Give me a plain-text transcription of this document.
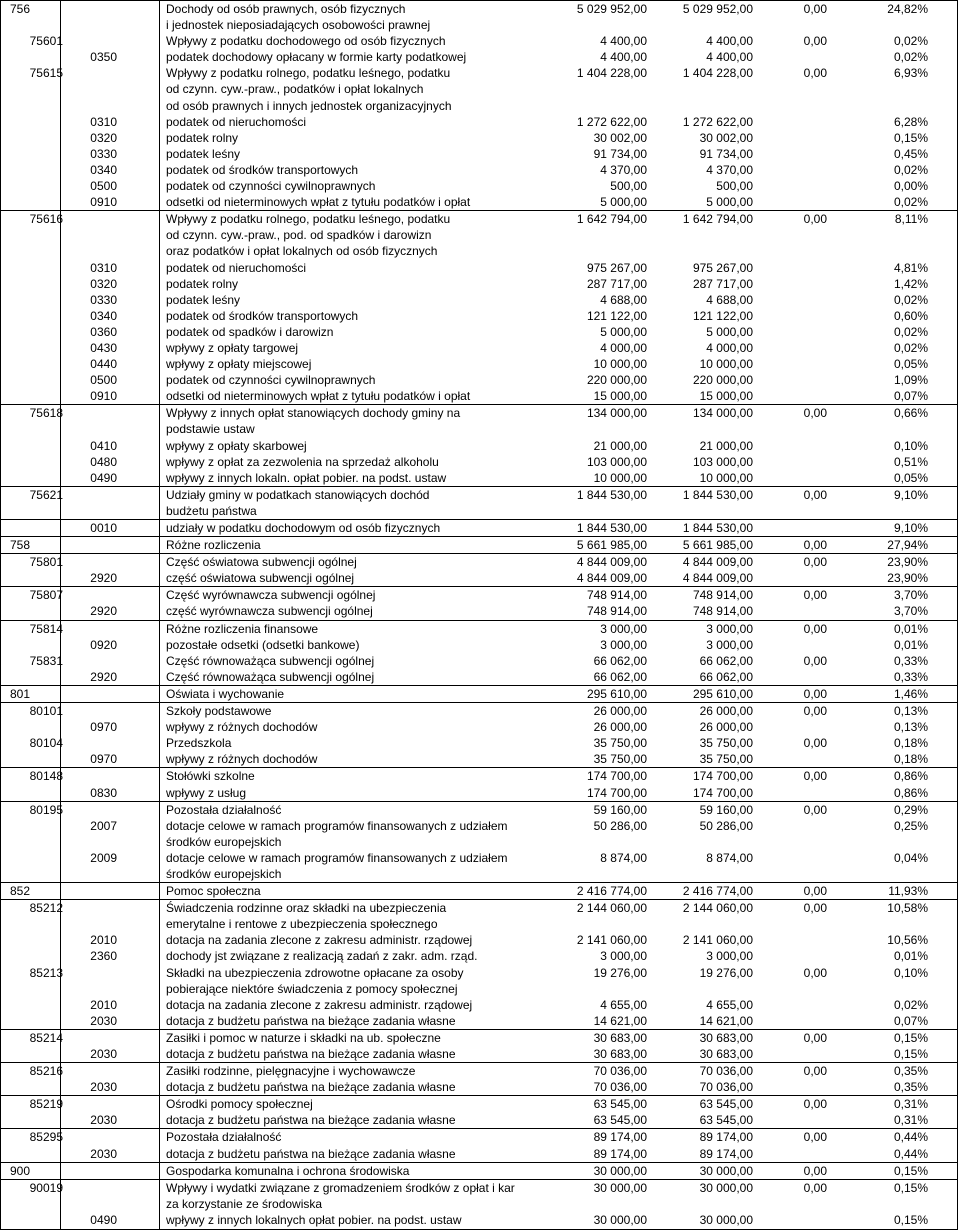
756	Dochody od osób prawnych, osób fizycznych	5 029 952,00	5 029 952,00	0,00	24,82%
i jednostek nieposiadających osobowości prawnej
75601	Wpływy z podatku dochodowego od osób fizycznych	4 400,00	4 400,00	0,00	0,02%
0350	podatek dochodowy opłacany w formie karty podatkowej	4 400,00	4 400,00	0,02%
75615	Wpływy z podatku rolnego, podatku leśnego, podatku	1 404 228,00	1 404 228,00	0,00	6,93%
od czynn. cyw.-praw., podatków i opłat lokalnych
od osób prawnych i innych jednostek organizacyjnych
0310	podatek od nieruchomości	1 272 622,00	1 272 622,00	6,28%
0320	podatek rolny	30 002,00	30 002,00	0,15%
0330	podatek leśny	91 734,00	91 734,00	0,45%
0340	podatek od środków transportowych	4 370,00	4 370,00	0,02%
0500	podatek od czynności cywilnoprawnych	500,00	500,00	0,00%
0910	odsetki od nieterminowych wpłat z tytułu podatków i opłat	5 000,00	5 000,00	0,02%
75616	Wpływy z podatku rolnego, podatku leśnego, podatku	1 642 794,00	1 642 794,00	0,00	8,11%
od czynn. cyw.-praw., pod. od spadków i darowizn
oraz podatków i opłat lokalnych od osób fizycznych
0310	podatek od nieruchomości	975 267,00	975 267,00	4,81%
0320	podatek rolny	287 717,00	287 717,00	1,42%
0330	podatek leśny	4 688,00	4 688,00	0,02%
0340	podatek od środków transportowych	121 122,00	121 122,00	0,60%
0360	podatek od spadków i darowizn	5 000,00	5 000,00	0,02%
0430	wpływy z opłaty targowej	4 000,00	4 000,00	0,02%
0440	wpływy z opłaty miejscowej	10 000,00	10 000,00	0,05%
0500	podatek od czynności cywilnoprawnych	220 000,00	220 000,00	1,09%
0910	odsetki od nieterminowych wpłat z tytułu podatków i opłat	15 000,00	15 000,00	0,07%
75618	Wpływy z innych opłat stanowiących dochody gminy na	134 000,00	134 000,00	0,00	0,66%
podstawie ustaw
0410	wpływy z opłaty skarbowej	21 000,00	21 000,00	0,10%
0480	wpływy z opłat za zezwolenia na sprzedaż alkoholu	103 000,00	103 000,00	0,51%
0490	wpływy z innych lokaln. opłat pobier. na podst. ustaw	10 000,00	10 000,00	0,05%
75621	Udziały gminy w podatkach stanowiących dochód	1 844 530,00	1 844 530,00	0,00	9,10%
budżetu państwa
0010	udziały w podatku dochodowym od osób fizycznych	1 844 530,00	1 844 530,00	9,10%
758	Różne rozliczenia	5 661 985,00	5 661 985,00	0,00	27,94%
75801	Część oświatowa subwencji ogólnej	4 844 009,00	4 844 009,00	0,00	23,90%
2920	część oświatowa subwencji ogólnej	4 844 009,00	4 844 009,00	23,90%
75807	Część wyrównawcza subwencji ogólnej	748 914,00	748 914,00	0,00	3,70%
2920	część wyrównawcza subwencji ogólnej	748 914,00	748 914,00	3,70%
75814	Różne rozliczenia finansowe	3 000,00	3 000,00	0,00	0,01%
0920	pozostałe odsetki (odsetki bankowe)	3 000,00	3 000,00	0,01%
75831	Część równoważąca subwencji ogólnej	66 062,00	66 062,00	0,00	0,33%
2920	Część równoważąca subwencji ogólnej	66 062,00	66 062,00	0,33%
801	Oświata i wychowanie	295 610,00	295 610,00	0,00	1,46%
80101	Szkoły podstawowe	26 000,00	26 000,00	0,00	0,13%
0970	wpływy z różnych dochodów	26 000,00	26 000,00	0,13%
80104	Przedszkola	35 750,00	35 750,00	0,00	0,18%
0970	wpływy z różnych dochodów	35 750,00	35 750,00	0,18%
80148	Stołówki szkolne	174 700,00	174 700,00	0,00	0,86%
0830	wpływy z usług	174 700,00	174 700,00	0,86%
80195	Pozostała działalność	59 160,00	59 160,00	0,00	0,29%
2007	dotacje celowe w ramach programów finansowanych z udziałem	50 286,00	50 286,00	0,25%
środków europejskich
2009	dotacje celowe w ramach programów finansowanych z udziałem	8 874,00	8 874,00	0,04%
środków europejskich
852	Pomoc społeczna	2 416 774,00	2 416 774,00	0,00	11,93%
85212	Świadczenia rodzinne oraz składki na ubezpieczenia	2 144 060,00	2 144 060,00	0,00	10,58%
emerytalne i rentowe z ubezpieczenia społecznego
2010	dotacja na zadania zlecone z zakresu administr. rządowej	2 141 060,00	2 141 060,00	10,56%
2360	dochody jst związane z realizacją zadań z zakr. adm. rząd.	3 000,00	3 000,00	0,01%
85213	Składki na ubezpieczenia zdrowotne opłacane za osoby	19 276,00	19 276,00	0,00	0,10%
pobierające niektóre świadczenia z pomocy społecznej
2010	dotacja na zadania zlecone z zakresu administr. rządowej	4 655,00	4 655,00	0,02%
2030	dotacja z budżetu państwa na bieżące zadania własne	14 621,00	14 621,00	0,07%
85214	Zasiłki i pomoc w naturze i składki na ub. społeczne	30 683,00	30 683,00	0,00	0,15%
2030	dotacja z budżetu państwa na bieżące zadania własne	30 683,00	30 683,00	0,15%
85216	Zasiłki rodzinne, pielęgnacyjne i wychowawcze	70 036,00	70 036,00	0,00	0,35%
2030	dotacja z budżetu państwa na bieżące zadania własne	70 036,00	70 036,00	0,35%
85219	Ośrodki pomocy społecznej	63 545,00	63 545,00	0,00	0,31%
2030	dotacja z budżetu państwa na bieżące zadania własne	63 545,00	63 545,00	0,31%
85295	Pozostała działalność	89 174,00	89 174,00	0,00	0,44%
2030	dotacja z budżetu państwa na bieżące zadania własne	89 174,00	89 174,00	0,44%
900	Gospodarka komunalna i ochrona środowiska	30 000,00	30 000,00	0,00	0,15%
90019	Wpływy i wydatki związane z gromadzeniem środków z opłat i kar	30 000,00	30 000,00	0,00	0,15%
za korzystanie ze środowiska
0490	wpływy z innych lokalnych opłat pobier. na podst. ustaw	30 000,00	30 000,00	0,15%
